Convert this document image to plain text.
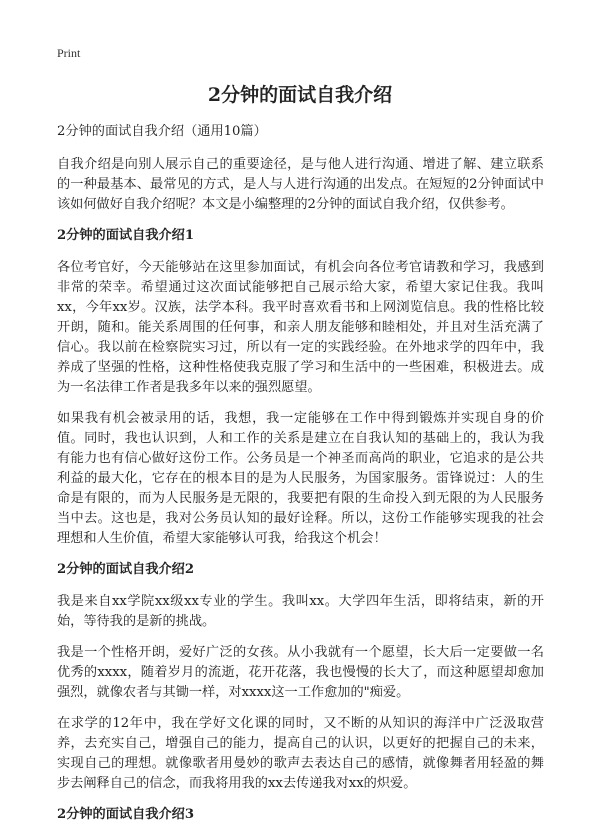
Print
2分钟的面试自我介绍

2分钟的面试自我介绍（通用10篇）

自我介绍是向别人展示自己的重要途径，是与他人进行沟通、增进了解、建立联系的一种最基本、最常见的方式，是人与人进行沟通的出发点。在短短的2分钟面试中该如何做好自我介绍呢？本文是小编整理的2分钟的面试自我介绍，仅供参考。

2分钟的面试自我介绍1

各位考官好，今天能够站在这里参加面试，有机会向各位考官请教和学习，我感到非常的荣幸。希望通过这次面试能够把自己展示给大家，希望大家记住我。我叫xx，今年xx岁。汉族，法学本科。我平时喜欢看书和上网浏览信息。我的性格比较开朗，随和。能关系周围的任何事，和亲人朋友能够和睦相处，并且对生活充满了信心。我以前在检察院实习过，所以有一定的实践经验。在外地求学的四年中，我养成了坚强的性格，这种性格使我克服了学习和生活中的一些困难，积极进去。成为一名法律工作者是我多年以来的强烈愿望。

如果我有机会被录用的话，我想，我一定能够在工作中得到锻炼并实现自身的价值。同时，我也认识到，人和工作的关系是建立在自我认知的基础上的，我认为我有能力也有信心做好这份工作。公务员是一个神圣而高尚的职业，它追求的是公共利益的最大化，它存在的根本目的是为人民服务，为国家服务。雷锋说过：人的生命是有限的，而为人民服务是无限的，我要把有限的生命投入到无限的为人民服务当中去。这也是，我对公务员认知的最好诠释。所以，这份工作能够实现我的社会理想和人生价值，希望大家能够认可我，给我这个机会！

2分钟的面试自我介绍2

我是来自xx学院xx级xx专业的学生。我叫xx。大学四年生活，即将结束，新的开始，等待我的是新的挑战。

我是一个性格开朗，爱好广泛的女孩。从小我就有一个愿望，长大后一定要做一名优秀的xxxx，随着岁月的流逝，花开花落，我也慢慢的长大了，而这种愿望却愈加强烈，就像农者与其锄一样，对xxxx这一工作愈加的"痴爱。

在求学的12年中，我在学好文化课的同时，又不断的从知识的海洋中广泛汲取营养，去充实自己，增强自己的能力，提高自己的认识，以更好的把握自己的未来，实现自己的理想。就像歌者用曼妙的歌声去表达自己的感情，就像舞者用轻盈的舞步去阐释自己的信念，而我将用我的xx去传递我对xx的炽爱。

2分钟的面试自我介绍3
